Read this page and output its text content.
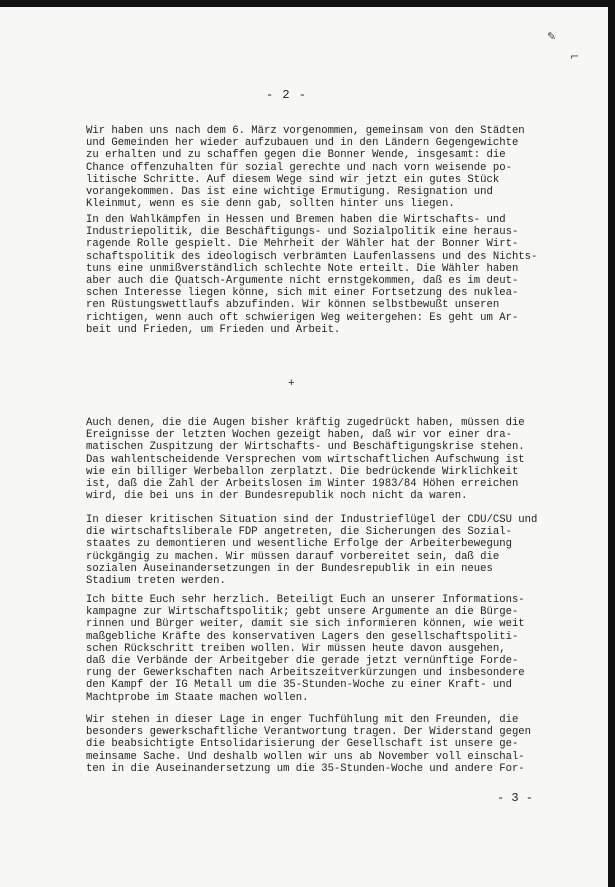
✎
⌐
- 2 -

Wir haben uns nach dem 6. März vorgenommen, gemeinsam von den Städten
und Gemeinden her wieder aufzubauen und in den Ländern Gegengewichte
zu erhalten und zu schaffen gegen die Bonner Wende, insgesamt: die
Chance offenzuhalten für sozial gerechte und nach vorn weisende po-
litische Schritte. Auf diesem Wege sind wir jetzt ein gutes Stück
vorangekommen. Das ist eine wichtige Ermutigung. Resignation und
Kleinmut, wenn es sie denn gab, sollten hinter uns liegen.

In den Wahlkämpfen in Hessen und Bremen haben die Wirtschafts- und
Industriepolitik, die Beschäftigungs- und Sozialpolitik eine heraus-
ragende Rolle gespielt. Die Mehrheit der Wähler hat der Bonner Wirt-
schaftspolitik des ideologisch verbrämten Laufenlassens und des Nichts-
tuns eine unmißverständlich schlechte Note erteilt. Die Wähler haben
aber auch die Quatsch-Argumente nicht ernstgekommen, daß es im deut-
schen Interesse liegen könne, sich mit einer Fortsetzung des nuklea-
ren Rüstungswettlaufs abzufinden. Wir können selbstbewußt unseren
richtigen, wenn auch oft schwierigen Weg weitergehen: Es geht um Ar-
beit und Frieden, um Frieden und Arbeit.

+

Auch denen, die die Augen bisher kräftig zugedrückt haben, müssen die
Ereignisse der letzten Wochen gezeigt haben, daß wir vor einer dra-
matischen Zuspitzung der Wirtschafts- und Beschäftigungskrise stehen.
Das wahlentscheidende Versprechen vom wirtschaftlichen Aufschwung ist
wie ein billiger Werbeballon zerplatzt. Die bedrückende Wirklichkeit
ist, daß die Zahl der Arbeitslosen im Winter 1983/84 Höhen erreichen
wird, die bei uns in der Bundesrepublik noch nicht da waren.

In dieser kritischen Situation sind der Industrieflügel der CDU/CSU und
die wirtschaftsliberale FDP angetreten, die Sicherungen des Sozial-
staates zu demontieren und wesentliche Erfolge der Arbeiterbewegung
rückgängig zu machen. Wir müssen darauf vorbereitet sein, daß die
sozialen Auseinandersetzungen in der Bundesrepublik in ein neues
Stadium treten werden.

Ich bitte Euch sehr herzlich. Beteiligt Euch an unserer Informations-
kampagne zur Wirtschaftspolitik; gebt unsere Argumente an die Bürge-
rinnen und Bürger weiter, damit sie sich informieren können, wie weit
maßgebliche Kräfte des konservativen Lagers den gesellschaftspoliti-
schen Rückschritt treiben wollen. Wir müssen heute davon ausgehen,
daß die Verbände der Arbeitgeber die gerade jetzt vernünftige Forde-
rung der Gewerkschaften nach Arbeitszeitverkürzungen und insbesondere
den Kampf der IG Metall um die 35-Stunden-Woche zu einer Kraft- und
Machtprobe im Staate machen wollen.

Wir stehen in dieser Lage in enger Tuchfühlung mit den Freunden, die
besonders gewerkschaftliche Verantwortung tragen. Der Widerstand gegen
die beabsichtigte Entsolidarisierung der Gesellschaft ist unsere ge-
meinsame Sache. Und deshalb wollen wir uns ab November voll einschal-
ten in die Auseinandersetzung um die 35-Stunden-Woche und andere For-

- 3 -
